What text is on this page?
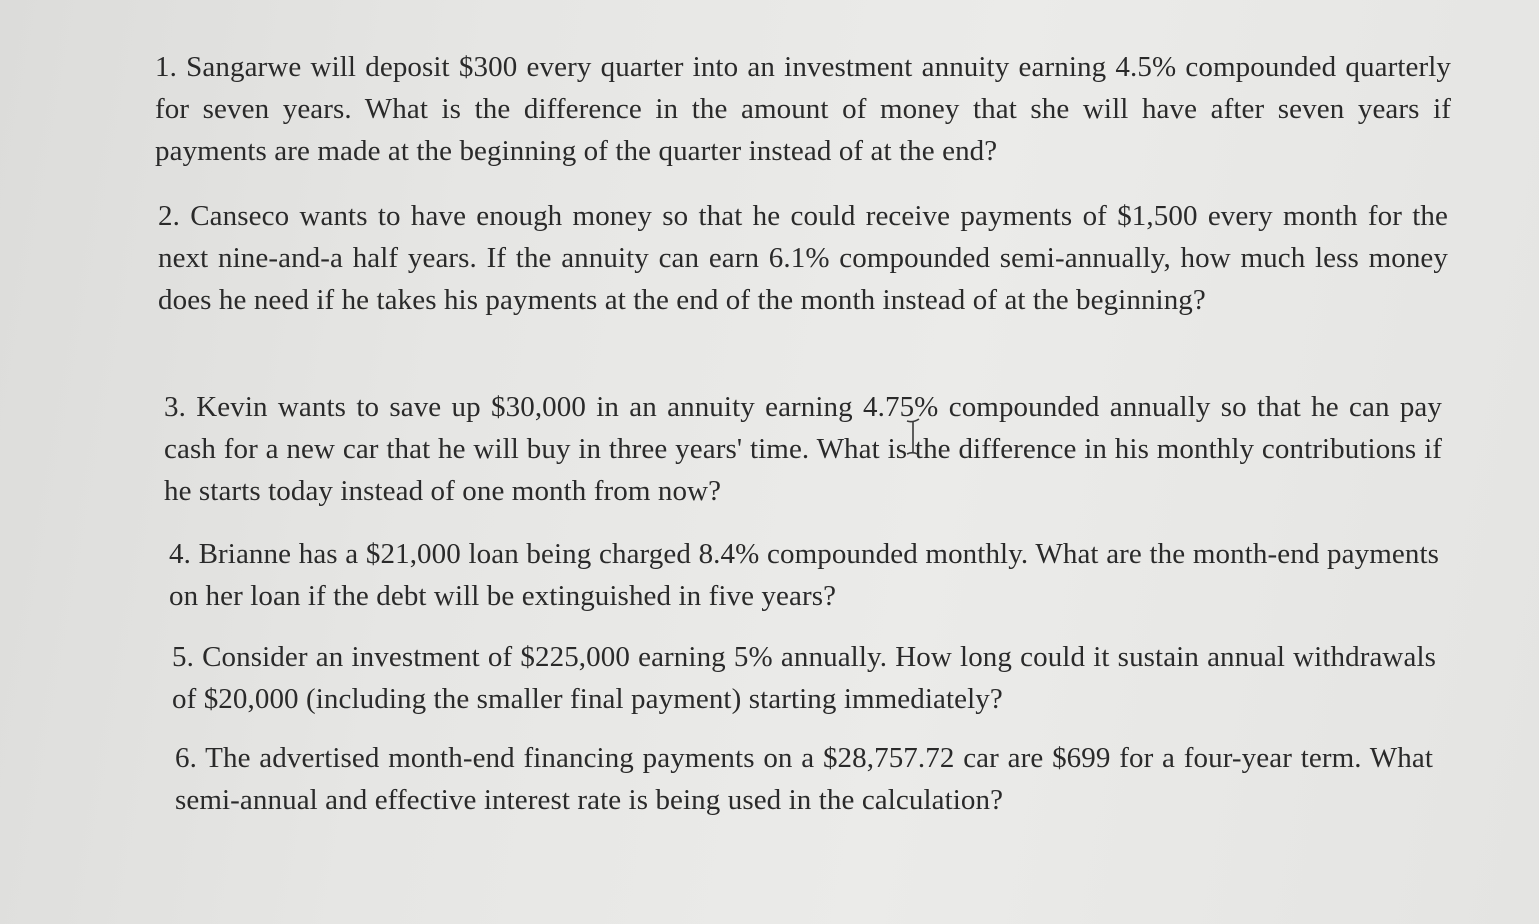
1. Sangarwe will deposit $300 every quarter into an investment annuity earning 4.5% compounded quarterly for seven years. What is the difference in the amount of money that she will have after seven years if payments are made at the beginning of the quarter instead of at the end?
2. Canseco wants to have enough money so that he could receive payments of $1,500 every month for the next nine-and-a half years. If the annuity can earn 6.1% compounded semi-annually, how much less money does he need if he takes his payments at the end of the month instead of at the beginning?
3. Kevin wants to save up $30,000 in an annuity earning 4.75% compounded annually so that he can pay cash for a new car that he will buy in three years' time. What is the difference in his monthly contributions if he starts today instead of one month from now?
4. Brianne has a $21,000 loan being charged 8.4% compounded monthly. What are the month-end payments on her loan if the debt will be extinguished in five years?
5. Consider an investment of $225,000 earning 5% annually. How long could it sustain annual withdrawals of $20,000 (including the smaller final payment) starting immediately?
6. The advertised month-end financing payments on a $28,757.72 car are $699 for a four-year term. What semi-annual and effective interest rate is being used in the calculation?
